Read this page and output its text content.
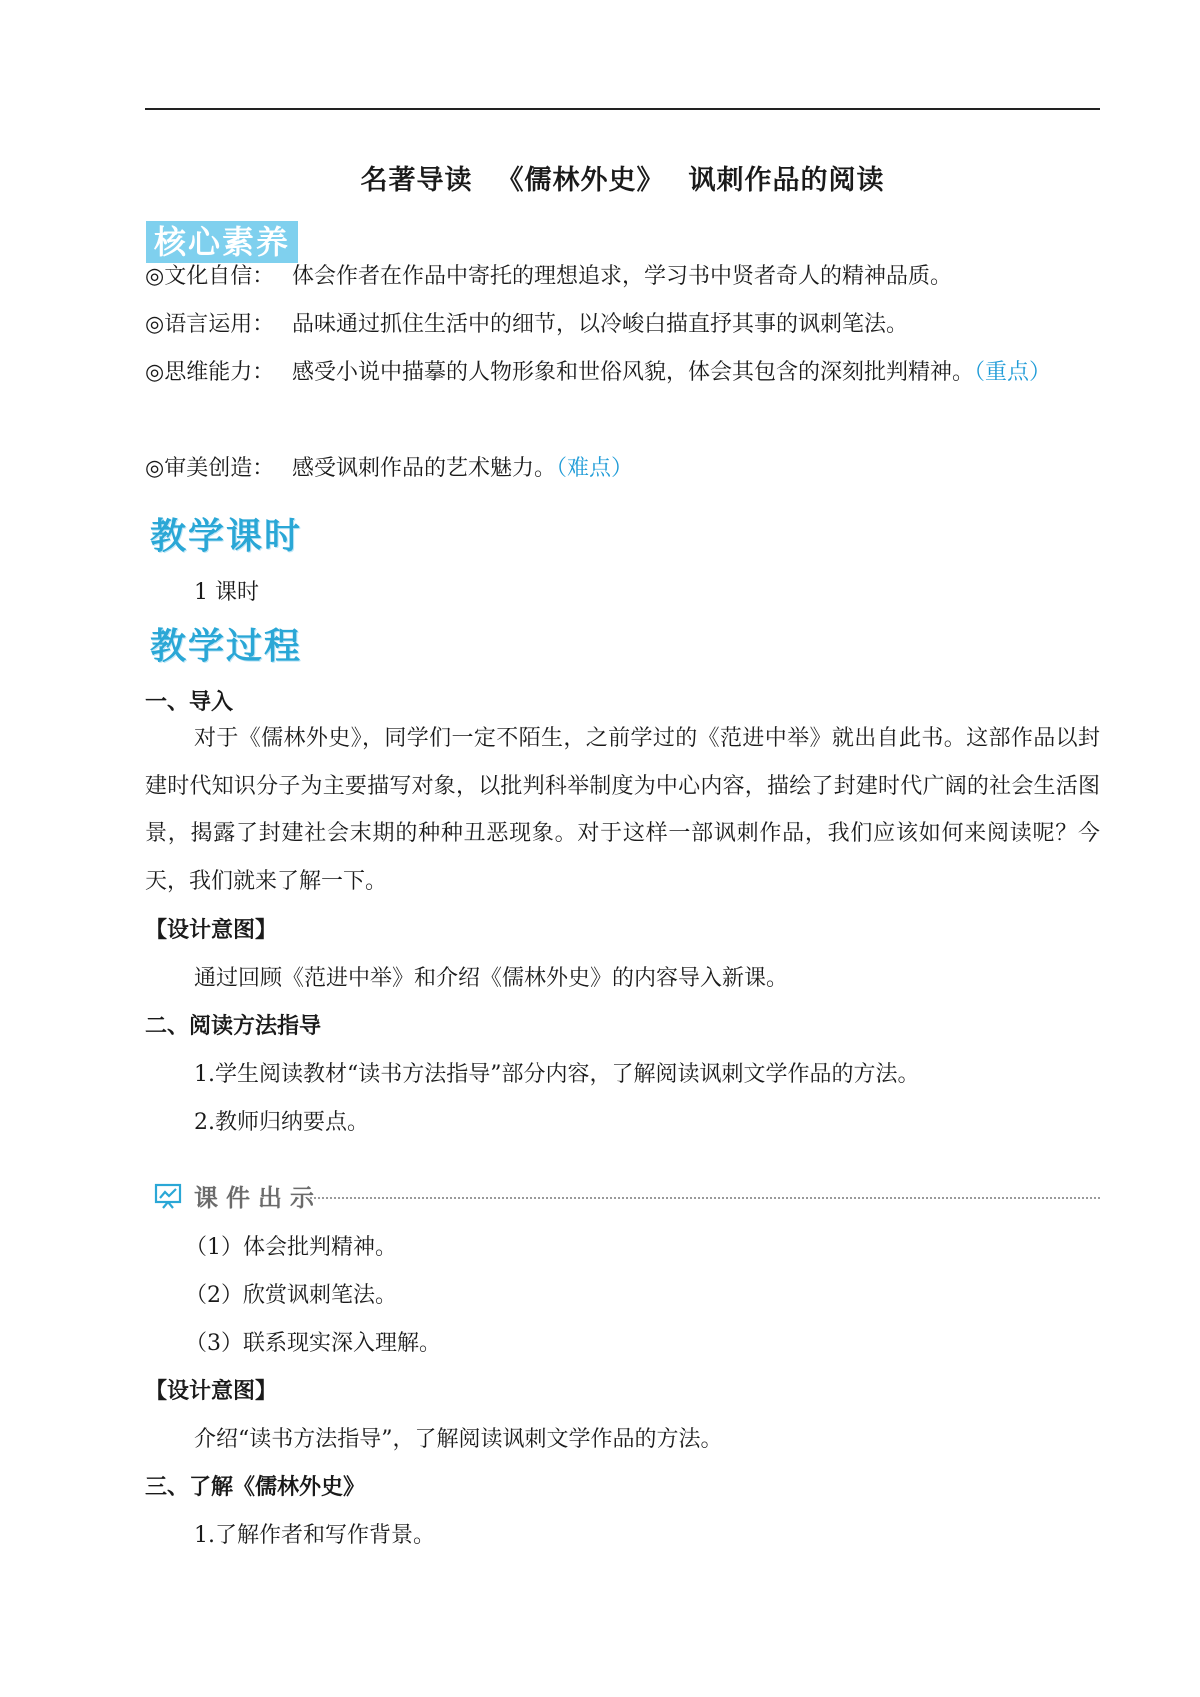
名著导读 《儒林外史》 讽刺作品的阅读
核心素养
◎文化自信： 体会作者在作品中寄托的理想追求，学习书中贤者奇人的精神品质。
◎语言运用： 品味通过抓住生活中的细节，以冷峻白描直抒其事的讽刺笔法。
◎思维能力： 感受小说中描摹的人物形象和世俗风貌，体会其包含的深刻批判精神。（重点）
◎审美创造： 感受讽刺作品的艺术魅力。（难点）
教学课时
1 课时
教学过程
一、导入
对于《儒林外史》，同学们一定不陌生，之前学过的《范进中举》就出自此书。这部作品以封建时代知识分子为主要描写对象，以批判科举制度为中心内容，描绘了封建时代广阔的社会生活图景，揭露了封建社会末期的种种丑恶现象。对于这样一部讽刺作品，我们应该如何来阅读呢？今天，我们就来了解一下。
【设计意图】
通过回顾《范进中举》和介绍《儒林外史》的内容导入新课。
二、阅读方法指导
1.学生阅读教材“读书方法指导”部分内容，了解阅读讽刺文学作品的方法。
2.教师归纳要点。
课件出示
（1）体会批判精神。
（2）欣赏讽刺笔法。
（3）联系现实深入理解。
【设计意图】
介绍“读书方法指导”，了解阅读讽刺文学作品的方法。
三、了解《儒林外史》
1.了解作者和写作背景。
